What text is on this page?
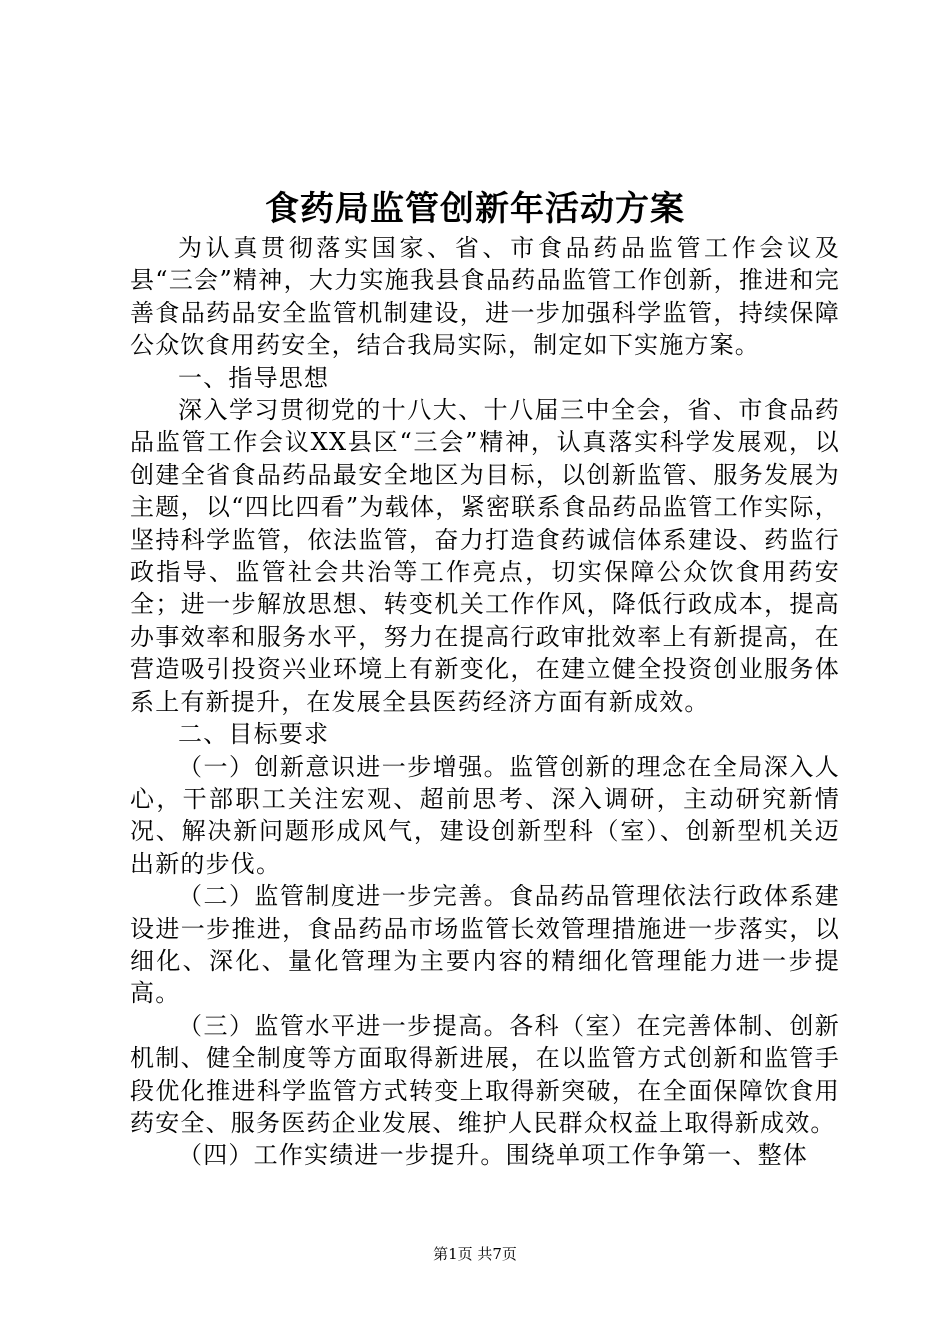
食药局监管创新年活动方案

为认真贯彻落实国家、省、市食品药品监管工作会议及县“三会”精神，大力实施我县食品药品监管工作创新，推进和完善食品药品安全监管机制建设，进一步加强科学监管，持续保障公众饮食用药安全，结合我局实际，制定如下实施方案。

一、指导思想

深入学习贯彻党的十八大、十八届三中全会，省、市食品药品监管工作会议XX县区“三会”精神，认真落实科学发展观，以创建全省食品药品最安全地区为目标，以创新监管、服务发展为主题，以“四比四看”为载体，紧密联系食品药品监管工作实际，坚持科学监管，依法监管，奋力打造食药诚信体系建设、药监行政指导、监管社会共治等工作亮点，切实保障公众饮食用药安全；进一步解放思想、转变机关工作作风，降低行政成本，提高办事效率和服务水平，努力在提高行政审批效率上有新提高，在营造吸引投资兴业环境上有新变化，在建立健全投资创业服务体系上有新提升，在发展全县医药经济方面有新成效。

二、目标要求

（一）创新意识进一步增强。监管创新的理念在全局深入人心，干部职工关注宏观、超前思考、深入调研，主动研究新情况、解决新问题形成风气，建设创新型科（室）、创新型机关迈出新的步伐。

（二）监管制度进一步完善。食品药品管理依法行政体系建设进一步推进，食品药品市场监管长效管理措施进一步落实，以细化、深化、量化管理为主要内容的精细化管理能力进一步提高。

（三）监管水平进一步提高。各科（室）在完善体制、创新机制、健全制度等方面取得新进展，在以监管方式创新和监管手段优化推进科学监管方式转变上取得新突破，在全面保障饮食用药安全、服务医药企业发展、维护人民群众权益上取得新成效。

（四）工作实绩进一步提升。围绕单项工作争第一、整体

第1页 共7页
